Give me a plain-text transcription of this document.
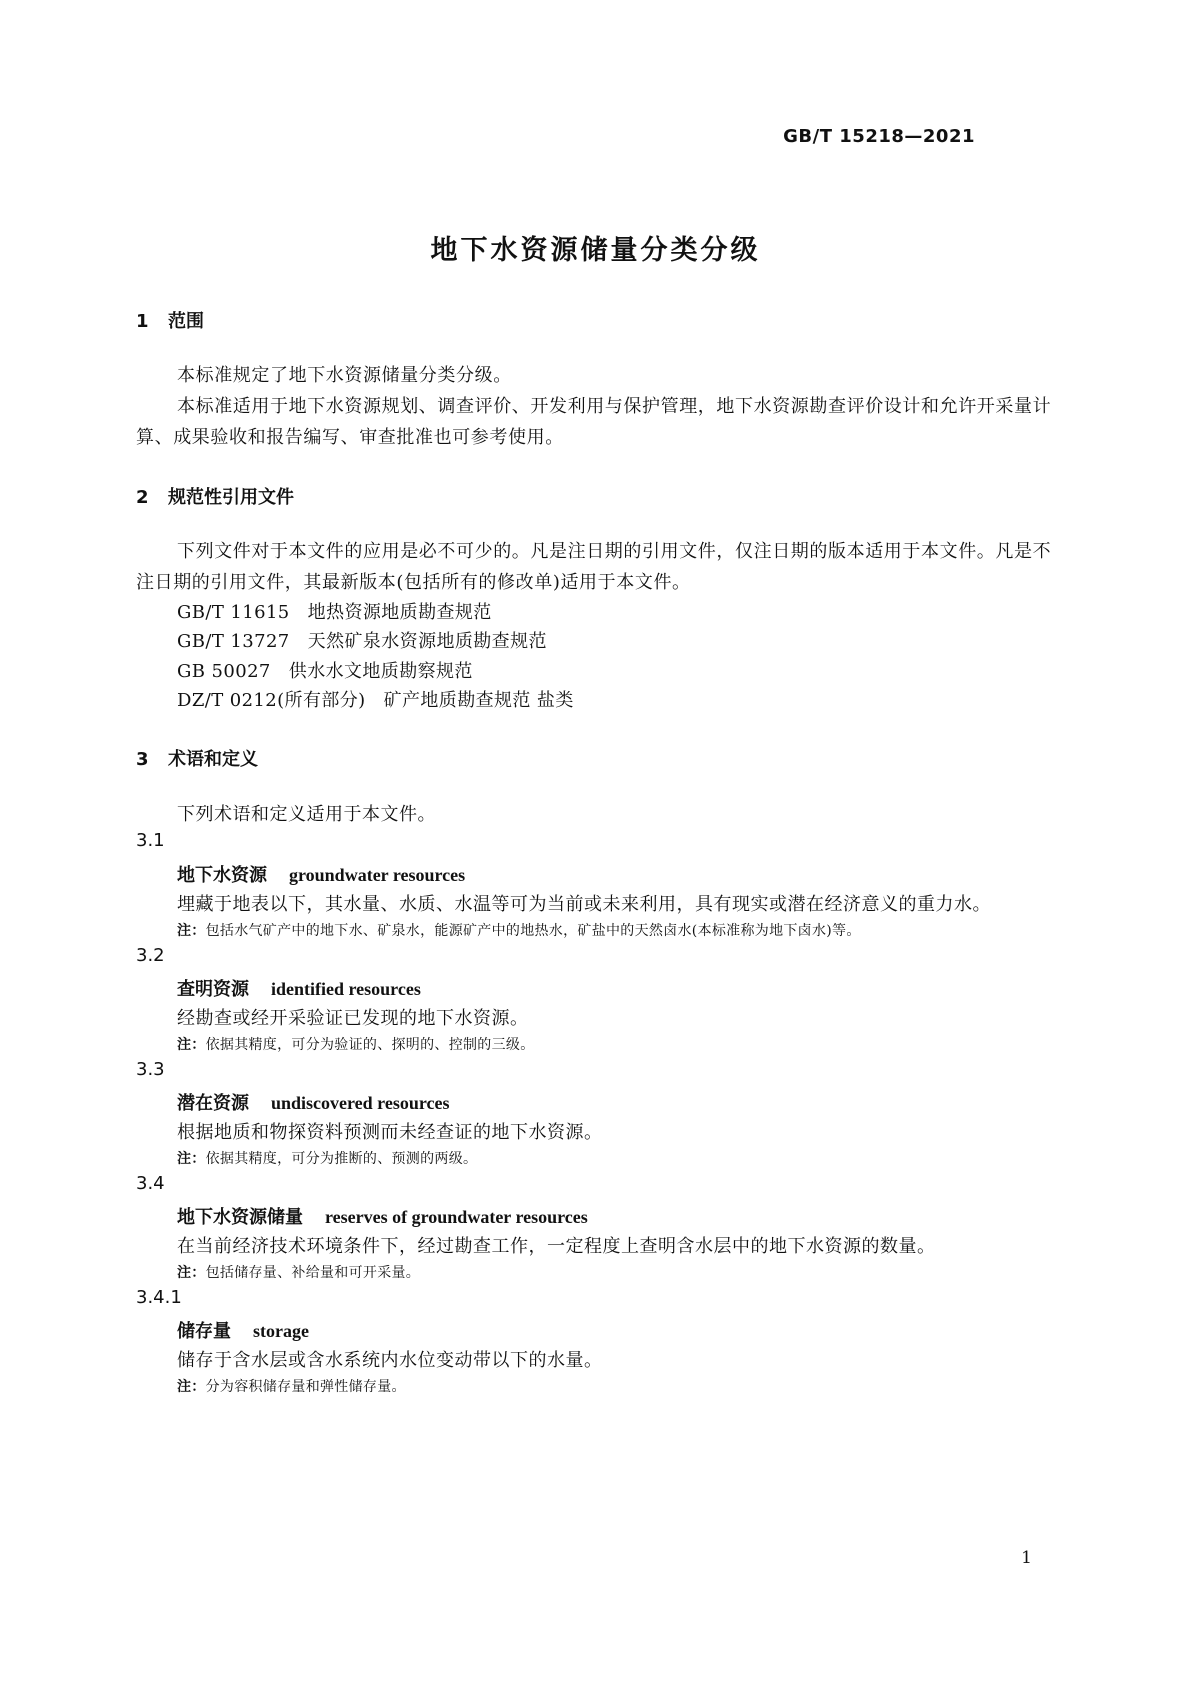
GB/T 15218—2021
地下水资源储量分类分级
1 范围
本标准规定了地下水资源储量分类分级。
本标准适用于地下水资源规划、调查评价、开发利用与保护管理，地下水资源勘查评价设计和允许开采量计算、成果验收和报告编写、审查批准也可参考使用。
2 规范性引用文件
下列文件对于本文件的应用是必不可少的。凡是注日期的引用文件，仅注日期的版本适用于本文件。凡是不注日期的引用文件，其最新版本(包括所有的修改单)适用于本文件。
GB/T 11615 地热资源地质勘查规范
GB/T 13727 天然矿泉水资源地质勘查规范
GB 50027 供水水文地质勘察规范
DZ/T 0212(所有部分) 矿产地质勘查规范 盐类
3 术语和定义
下列术语和定义适用于本文件。
3.1
地下水资源 groundwater resources
埋藏于地表以下，其水量、水质、水温等可为当前或未来利用，具有现实或潜在经济意义的重力水。
注：包括水气矿产中的地下水、矿泉水，能源矿产中的地热水，矿盐中的天然卤水(本标准称为地下卤水)等。
3.2
查明资源 identified resources
经勘查或经开采验证已发现的地下水资源。
注：依据其精度，可分为验证的、探明的、控制的三级。
3.3
潜在资源 undiscovered resources
根据地质和物探资料预测而未经查证的地下水资源。
注：依据其精度，可分为推断的、预测的两级。
3.4
地下水资源储量 reserves of groundwater resources
在当前经济技术环境条件下，经过勘查工作，一定程度上查明含水层中的地下水资源的数量。
注：包括储存量、补给量和可开采量。
3.4.1
储存量 storage
储存于含水层或含水系统内水位变动带以下的水量。
注：分为容积储存量和弹性储存量。
1
